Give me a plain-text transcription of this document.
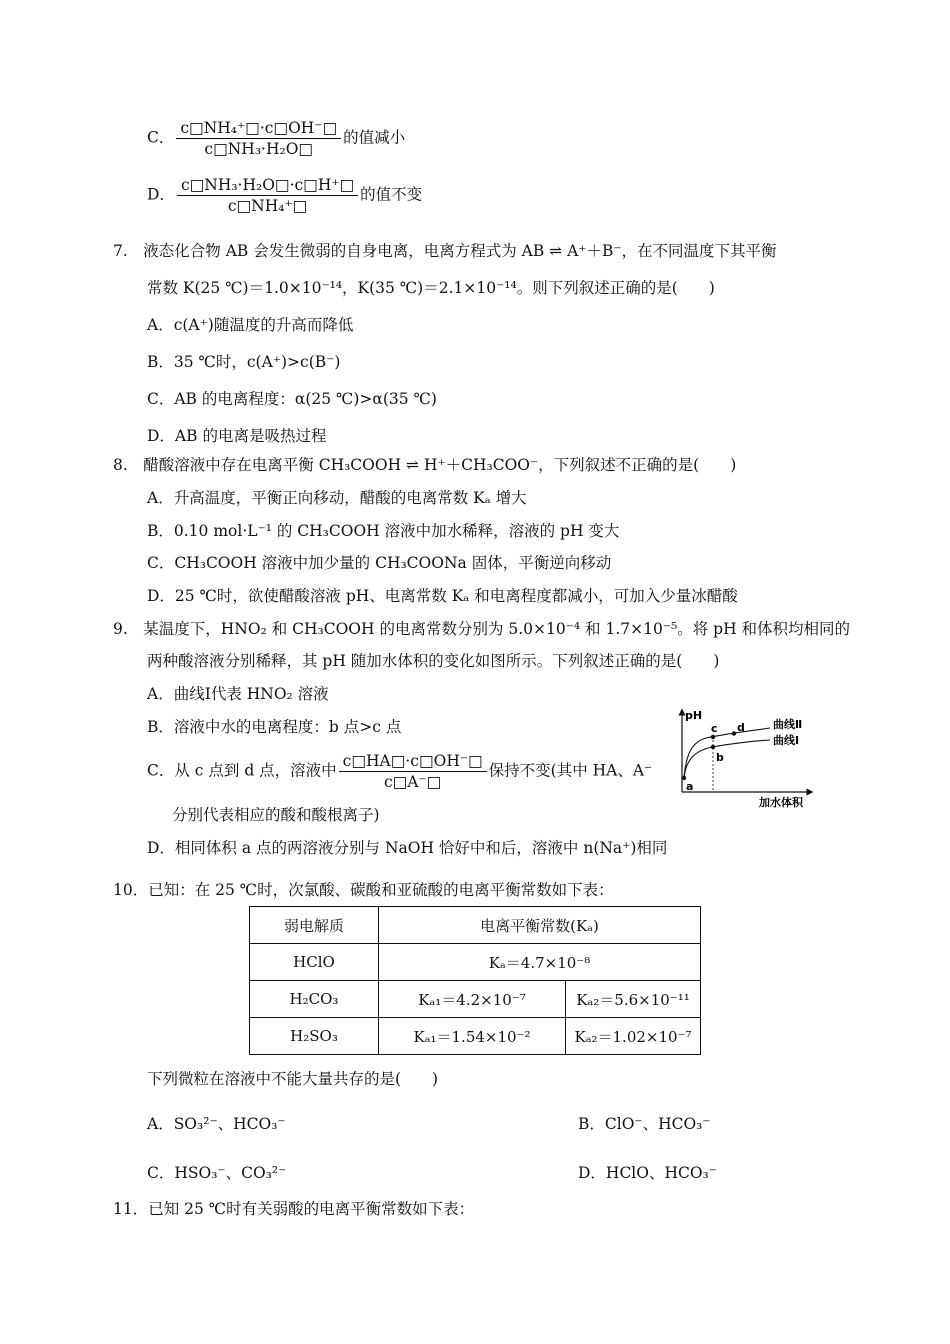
C． $\frac{\text{c□NH₄⁺□·c□OH⁻□}}{\text{c□NH₃·H₂O□}}$ 的值减小
D． $\frac{\text{c□NH₃·H₂O□·c□H⁺□}}{\text{c□NH₄⁺□}}$ 的值不变
7.　液态化合物 AB 会发生微弱的自身电离，电离方程式为 AB ⇌ A⁺＋B⁻，在不同温度下其平衡
常数 K(25 ℃)＝1.0×10⁻¹⁴，K(35 ℃)＝2.1×10⁻¹⁴。则下列叙述正确的是(　　)
A．c(A⁺)随温度的升高而降低
B．35 ℃时，c(A⁺)>c(B⁻)
C．AB 的电离程度：α(25 ℃)>α(35 ℃)
D．AB 的电离是吸热过程
8.　醋酸溶液中存在电离平衡 CH₃COOH ⇌ H⁺＋CH₃COO⁻，下列叙述不正确的是(　　)
A．升高温度，平衡正向移动，醋酸的电离常数 Kₐ 增大
B．0.10 mol·L⁻¹ 的 CH₃COOH 溶液中加水稀释，溶液的 pH 变大
C．CH₃COOH 溶液中加少量的 CH₃COONa 固体，平衡逆向移动
D．25 ℃时，欲使醋酸溶液 pH、电离常数 Kₐ 和电离程度都减小，可加入少量冰醋酸
9.　某温度下，HNO₂ 和 CH₃COOH 的电离常数分别为 5.0×10⁻⁴ 和 1.7×10⁻⁵。将 pH 和体积均相同的
两种酸溶液分别稀释，其 pH 随加水体积的变化如图所示。下列叙述正确的是(　　)
A．曲线Ⅰ代表 HNO₂ 溶液
B．溶液中水的电离程度：b 点>c 点
C．从 c 点到 d 点，溶液中 $\frac{c□HA□\cdot c□OH^-□}{c□A^-□}$ 保持不变(其中 HA、A⁻
分别代表相应的酸和酸根离子)
D．相同体积 a 点的两溶液分别与 NaOH 恰好中和后，溶液中 n(Na⁺)相同
pH
加水体积
a
c
b
d	曲线Ⅱ
曲线Ⅰ
10．已知：在 25 ℃时，次氯酸、碳酸和亚硫酸的电离平衡常数如下表：
弱电解质	电离平衡常数(Kₐ)	
HClO	Kₐ＝4.7×10⁻⁸	
H₂CO₃	Kₐ₁＝4.2×10⁻⁷	Kₐ₂＝5.6×10⁻¹¹
H₂SO₃	Kₐ₁＝1.54×10⁻²	Kₐ₂＝1.02×10⁻⁷
下列微粒在溶液中不能大量共存的是(　　)
A．SO₃²⁻、HCO₃⁻	B．ClO⁻、HCO₃⁻
C．HSO₃⁻、CO₃²⁻	D．HClO、HCO₃⁻
11．已知 25 ℃时有关弱酸的电离平衡常数如下表：
